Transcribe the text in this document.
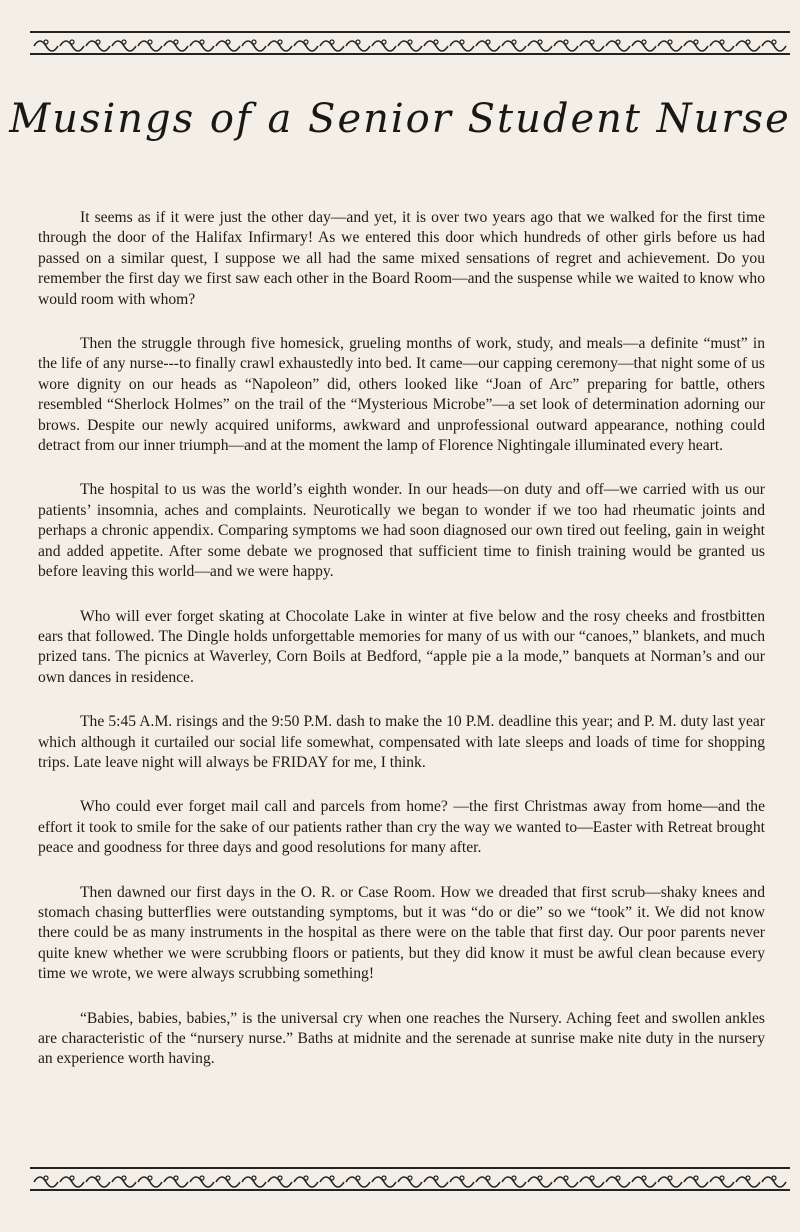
Musings of a Senior Student Nurse

It seems as if it were just the other day—and yet, it is over two years ago that we walked for the first time through the door of the Halifax Infirmary! As we entered this door which hundreds of other girls before us had passed on a similar quest, I suppose we all had the same mixed sensations of regret and achievement. Do you remember the first day we first saw each other in the Board Room—and the suspense while we waited to know who would room with whom?

Then the struggle through five homesick, grueling months of work, study, and meals—a definite “must” in the life of any nurse---to finally crawl exhaustedly into bed. It came—our capping ceremony—that night some of us wore dignity on our heads as “Napoleon” did, others looked like “Joan of Arc” preparing for battle, others resembled “Sherlock Holmes” on the trail of the “Mysterious Microbe”—a set look of determination adorning our brows. Despite our newly acquired uniforms, awkward and unprofessional outward appearance, nothing could detract from our inner triumph—and at the moment the lamp of Florence Nightingale illuminated every heart.

The hospital to us was the world’s eighth wonder. In our heads—on duty and off—we carried with us our patients’ insomnia, aches and complaints. Neurotically we began to wonder if we too had rheumatic joints and perhaps a chronic appendix. Comparing symptoms we had soon diagnosed our own tired out feeling, gain in weight and added appetite. After some debate we prognosed that sufficient time to finish training would be granted us before leaving this world—and we were happy.

Who will ever forget skating at Chocolate Lake in winter at five below and the rosy cheeks and frostbitten ears that followed. The Dingle holds unforgettable memories for many of us with our “canoes,” blankets, and much prized tans. The picnics at Waverley, Corn Boils at Bedford, “apple pie a la mode,” banquets at Norman’s and our own dances in residence.

The 5:45 A.M. risings and the 9:50 P.M. dash to make the 10 P.M. deadline this year; and P. M. duty last year which although it curtailed our social life somewhat, compensated with late sleeps and loads of time for shopping trips. Late leave night will always be FRIDAY for me, I think.

Who could ever forget mail call and parcels from home? —the first Christmas away from home—and the effort it took to smile for the sake of our patients rather than cry the way we wanted to—Easter with Retreat brought peace and goodness for three days and good resolutions for many after.

Then dawned our first days in the O. R. or Case Room. How we dreaded that first scrub—shaky knees and stomach chasing butterflies were outstanding symptoms, but it was “do or die” so we “took” it. We did not know there could be as many instruments in the hospital as there were on the table that first day. Our poor parents never quite knew whether we were scrubbing floors or patients, but they did know it must be awful clean because every time we wrote, we were always scrubbing something!

“Babies, babies, babies,” is the universal cry when one reaches the Nursery. Aching feet and swollen ankles are characteristic of the “nursery nurse.” Baths at midnite and the serenade at sunrise make nite duty in the nursery an experience worth having.
